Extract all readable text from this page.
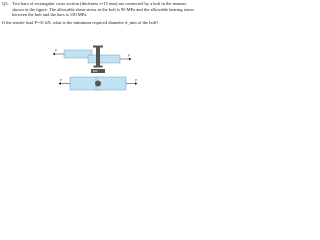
Q3. Two bars of rectangular cross section (thickness t=15 mm) are connected by a bolt in the manner shown in the figure. The allowable shear stress in the bolt is 90 MPa and the allowable bearing stress between the bolt and the bars is 150 MPa.
If the tensile load P=31 kN, what is the minimum required diameter d_min of the bolt?
P
P
Bolt
P	P
